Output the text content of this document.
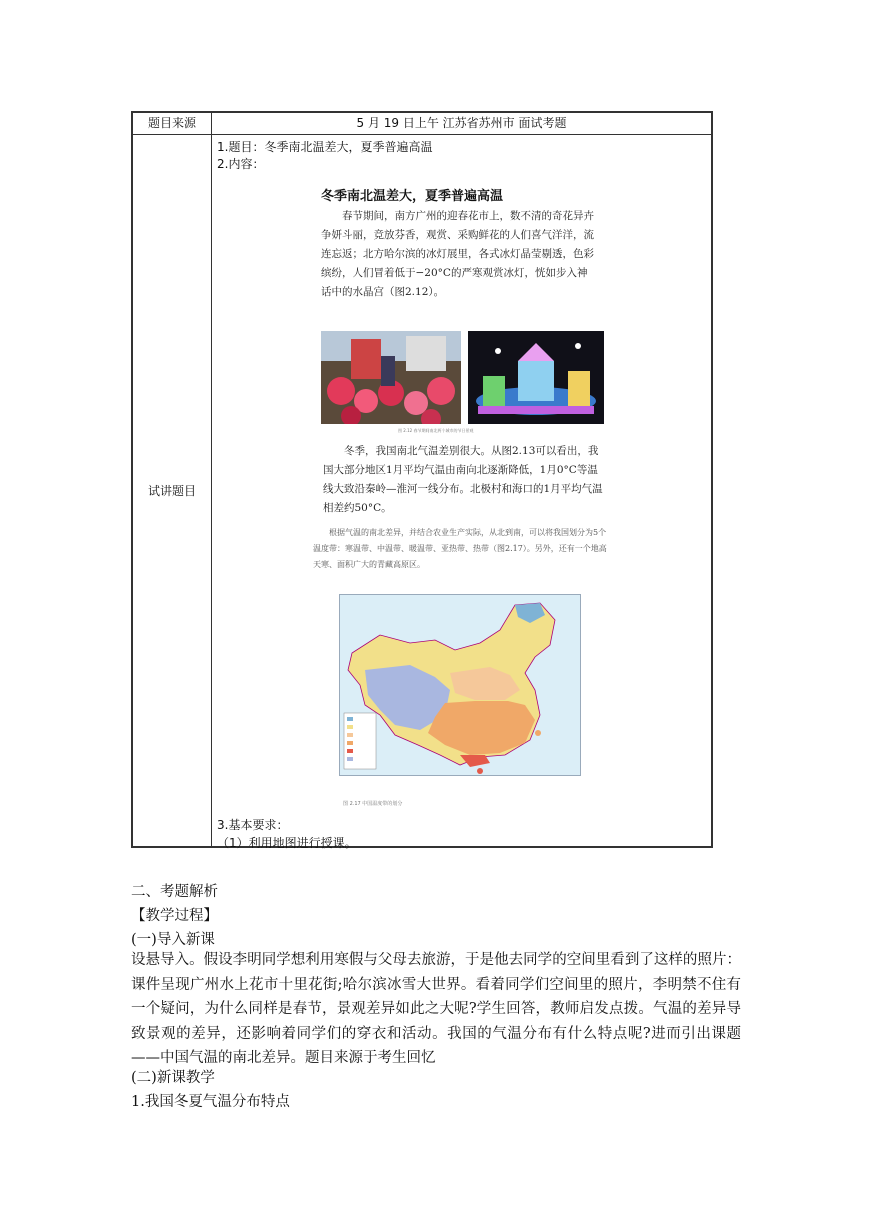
题目来源	5 月 19 日上午 江苏省苏州市 面试考题
试讲题目
1.题目：冬季南北温差大，夏季普遍高温
2.内容：
冬季南北温差大，夏季普遍高温
春节期间，南方广州的迎春花市上，数不清的奇花异卉争妍斗丽，竞放芬香，观赏、采购鲜花的人们喜气洋洋，流连忘返；北方哈尔滨的冰灯展里，各式冰灯晶莹剔透，色彩缤纷，人们冒着低于−20°C的严寒观赏冰灯，恍如步入神话中的水晶宫（图2.12）。
图 2.12 春节期间南北两个城市的节日景观
冬季，我国南北气温差别很大。从图2.13可以看出，我国大部分地区1月平均气温由南向北逐渐降低，1月0°C等温线大致沿秦岭—淮河一线分布。北极村和海口的1月平均气温相差约50°C。
根据气温的南北差异，并结合农业生产实际，从北到南，可以将我国划分为5个温度带：寒温带、中温带、暖温带、亚热带、热带（图2.17）。另外，还有一个地高天寒、面积广大的青藏高原区。
图 2.17 中国温度带的划分
3.基本要求：
（1）利用地图进行授课。
二、考题解析
【教学过程】
(一)导入新课
设悬导入。假设李明同学想利用寒假与父母去旅游，于是他去同学的空间里看到了这样的照片：课件呈现广州水上花市十里花街;哈尔滨冰雪大世界。看着同学们空间里的照片，李明禁不住有一个疑问，为什么同样是春节，景观差异如此之大呢?学生回答，教师启发点拨。气温的差异导致景观的差异，还影响着同学们的穿衣和活动。我国的气温分布有什么特点呢?进而引出课题——中国气温的南北差异。题目来源于考生回忆
(二)新课教学
1.我国冬夏气温分布特点
